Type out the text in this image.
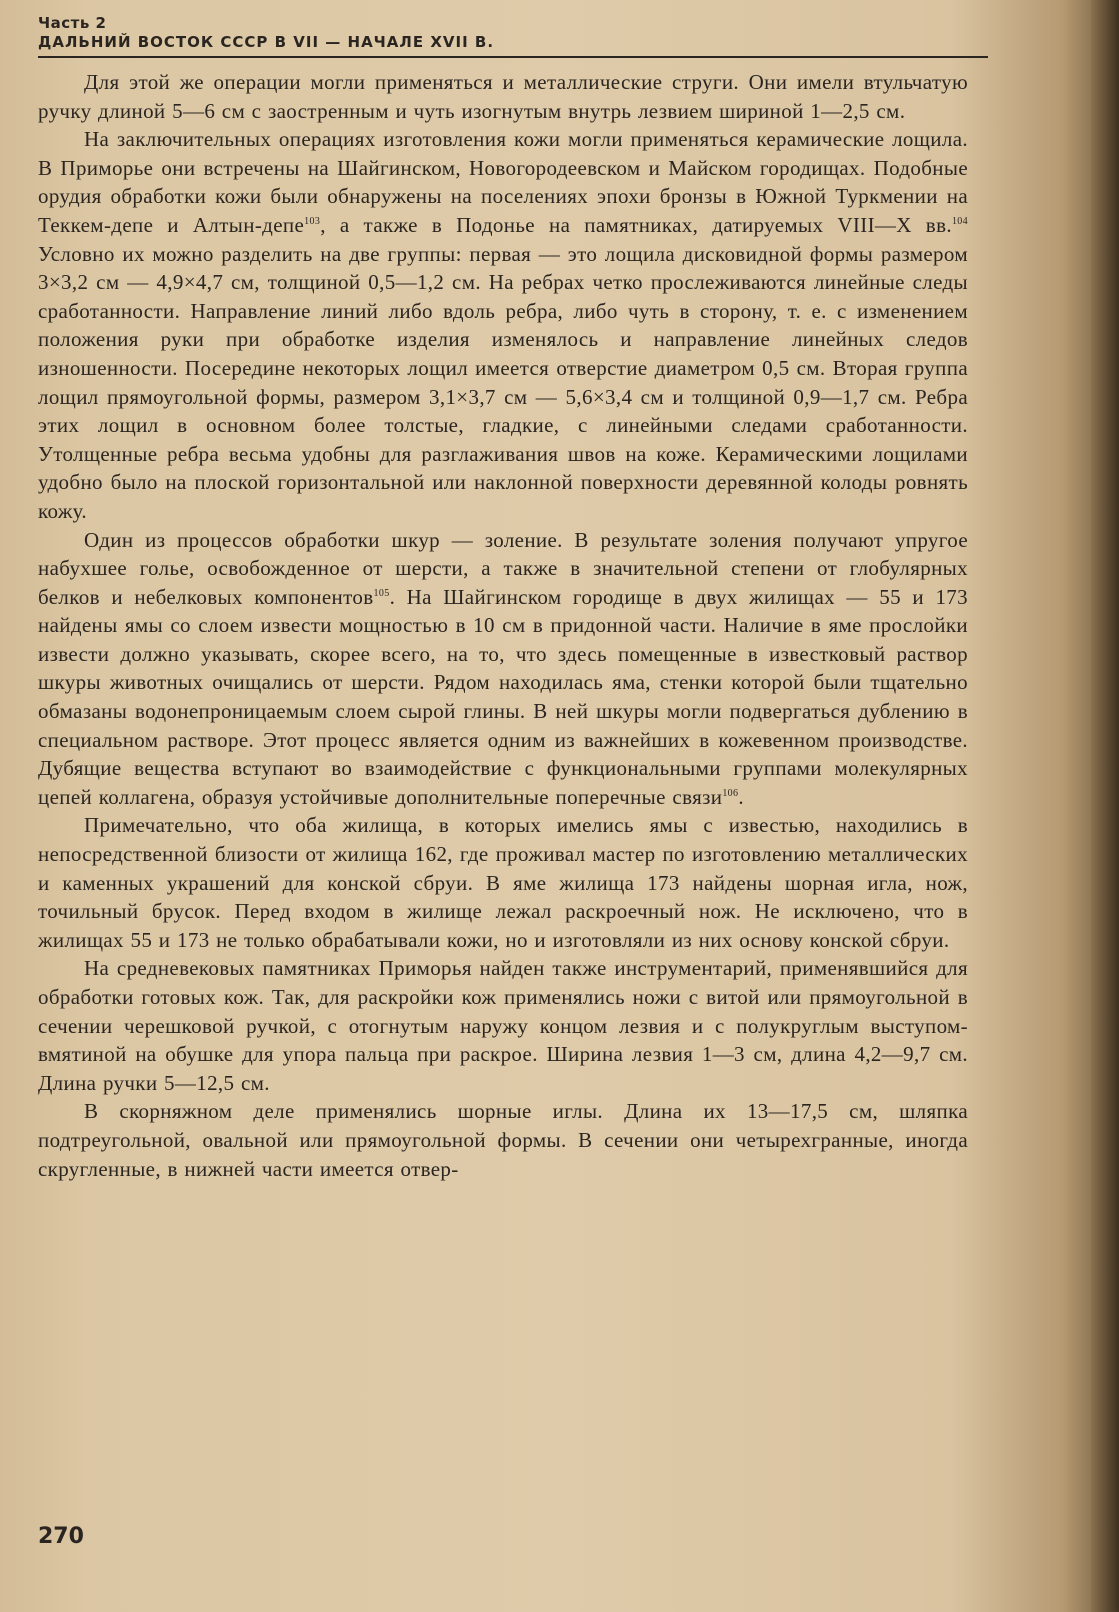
Часть 2
ДАЛЬНИЙ ВОСТОК СССР В VII — НАЧАЛЕ XVII В.

Для этой же операции могли применяться и металлические струги. Они имели втульчатую ручку длиной 5—6 см с заостренным и чуть изогнутым внутрь лезвием шириной 1—2,5 см.

На заключительных операциях изготовления кожи могли применяться керамические лощила. В Приморье они встречены на Шайгинском, Новогородеевском и Майском городищах. Подобные орудия обработки кожи были обнаружены на поселениях эпохи бронзы в Южной Туркмении на Теккем-депе и Алтын-депе$^{103}$, а также в Подонье на памятниках, датируемых VIII—X вв.$^{104}$ Условно их можно разделить на две группы: первая — это лощила дисковидной формы размером 3×3,2 см — 4,9×4,7 см, толщиной 0,5—1,2 см. На ребрах четко прослеживаются линейные следы сработанности. Направление линий либо вдоль ребра, либо чуть в сторону, т. е. с изменением положения руки при обработке изделия изменялось и направление линейных следов изношенности. Посередине некоторых лощил имеется отверстие диаметром 0,5 см. Вторая группа лощил прямоугольной формы, размером 3,1×3,7 см — 5,6×3,4 см и толщиной 0,9—1,7 см. Ребра этих лощил в основном более толстые, гладкие, с линейными следами сработанности. Утолщенные ребра весьма удобны для разглаживания швов на коже. Керамическими лощилами удобно было на плоской горизонтальной или наклонной поверхности деревянной колоды ровнять кожу.

Один из процессов обработки шкур — золение. В результате золения получают упругое набухшее голье, освобожденное от шерсти, а также в значительной степени от глобулярных белков и небелковых компонентов$^{105}$. На Шайгинском городище в двух жилищах — 55 и 173 найдены ямы со слоем извести мощностью в 10 см в придонной части. Наличие в яме прослойки извести должно указывать, скорее всего, на то, что здесь помещенные в известковый раствор шкуры животных очищались от шерсти. Рядом находилась яма, стенки которой были тщательно обмазаны водонепроницаемым слоем сырой глины. В ней шкуры могли подвергаться дублению в специальном растворе. Этот процесс является одним из важнейших в кожевенном производстве. Дубящие вещества вступают во взаимодействие с функциональными группами молекулярных цепей коллагена, образуя устойчивые дополнительные поперечные связи$^{106}$.

Примечательно, что оба жилища, в которых имелись ямы с известью, находились в непосредственной близости от жилища 162, где проживал мастер по изготовлению металлических и каменных украшений для конской сбруи. В яме жилища 173 найдены шорная игла, нож, точильный брусок. Перед входом в жилище лежал раскроечный нож. Не исключено, что в жилищах 55 и 173 не только обрабатывали кожи, но и изготовляли из них основу конской сбруи.

На средневековых памятниках Приморья найден также инструментарий, применявшийся для обработки готовых кож. Так, для раскройки кож применялись ножи с витой или прямоугольной в сечении черешковой ручкой, с отогнутым наружу концом лезвия и с полукруглым выступом-вмятиной на обушке для упора пальца при раскрое. Ширина лезвия 1—3 см, длина 4,2—9,7 см. Длина ручки 5—12,5 см.

В скорняжном деле применялись шорные иглы. Длина их 13—17,5 см, шляпка подтреугольной, овальной или прямоугольной формы. В сечении они четырехгранные, иногда скругленные, в нижней части имеется отвер-

270
